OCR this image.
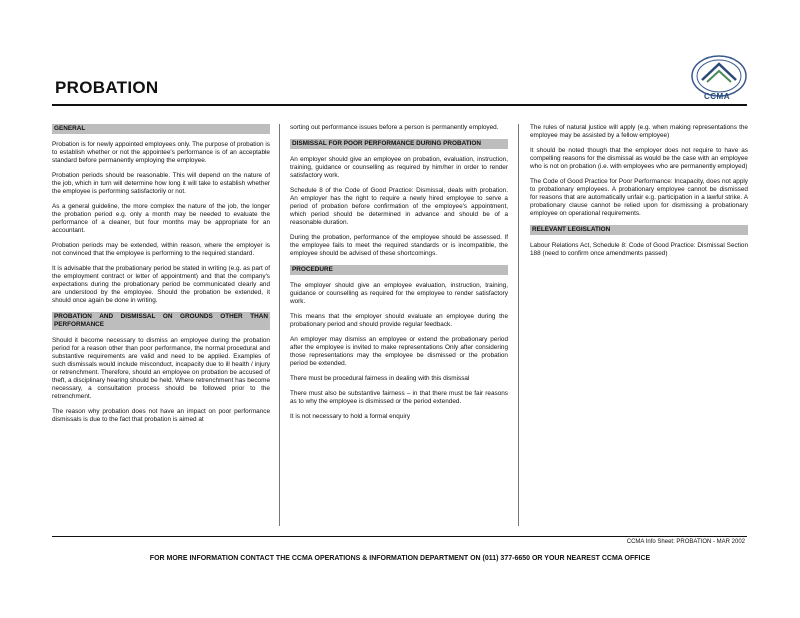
PROBATION	CCMA
GENERAL
Probation is for newly appointed employees only. The purpose of probation is to establish whether or not the appointee's performance is of an acceptable standard before permanently employing the employee.
Probation periods should be reasonable. This will depend on the nature of the job, which in turn will determine how long it will take to establish whether the employee is performing satisfactorily or not.
As a general guideline, the more complex the nature of the job, the longer the probation period e.g. only a month may be needed to evaluate the performance of a cleaner, but four months may be appropriate for an accountant.
Probation periods may be extended, within reason, where the employer is not convinced that the employee is performing to the required standard.
It is advisable that the probationary period be stated in writing (e.g. as part of the employment contract or letter of appointment) and that the company's expectations during the probationary period be communicated clearly and are understood by the employee. Should the probation be extended, it should once again be done in writing.
PROBATION AND DISMISSAL ON GROUNDS OTHER THAN PERFORMANCE
Should it become necessary to dismiss an employee during the probation period for a reason other than poor performance, the normal procedural and substantive requirements are valid and need to be applied. Examples of such dismissals would include misconduct, incapacity due to ill health / injury or retrenchment. Therefore, should an employee on probation be accused of theft, a disciplinary hearing should be held. Where retrenchment has become necessary, a consultation process should be followed prior to the retrenchment.
The reason why probation does not have an impact on poor performance dismissals is due to the fact that probation is aimed at
sorting out performance issues before a person is permanently employed.
DISMISSAL FOR POOR PERFORMANCE DURING PROBATION
An employer should give an employee on probation, evaluation, instruction, training, guidance or counselling as required by him/her in order to render satisfactory work.
Schedule 8 of the Code of Good Practice: Dismissal, deals with probation. An employer has the right to require a newly hired employee to serve a period of probation before confirmation of the employee's appointment, which period should be determined in advance and should be of a reasonable duration.
During the probation, performance of the employee should be assessed. If the employee fails to meet the required standards or is incompatible, the employee should be advised of these shortcomings.
PROCEDURE
The employer should give an employee evaluation, instruction, training, guidance or counselling as required for the employee to render satisfactory work.
This means that the employer should evaluate an employee during the probationary period and should provide regular feedback.
An employer may dismiss an employee or extend the probationary period after the employee is invited to make representations Only after considering those representations may the employee be dismissed or the probation period be extended.
There must be procedural fairness in dealing with this dismissal
There must also be substantive fairness – in that there must be fair reasons as to why the employee is dismissed or the period extended.
It is not necessary to hold a formal enquiry
The rules of natural justice will apply (e.g. when making representations the employee may be assisted by a fellow employee)
It should be noted though that the employer does not require to have as compelling reasons for the dismissal as would be the case with an employee who is not on probation (i.e. with employees who are permanently employed)
The Code of Good Practice for Poor Performance: Incapacity, does not apply to probationary employees. A probationary employee cannot be dismissed for reasons that are automatically unfair e.g. participation in a lawful strike. A probationary clause cannot be relied upon for dismissing a probationary employee on operational requirements.
RELEVANT LEGISLATION
Labour Relations Act, Schedule 8: Code of Good Practice: Dismissal Section 188 (need to confirm once amendments passed)
CCMA Info Sheet: PROBATION - MAR 2002
FOR MORE INFORMATION CONTACT THE CCMA OPERATIONS & INFORMATION DEPARTMENT ON (011) 377-6650 OR YOUR NEAREST CCMA OFFICE
